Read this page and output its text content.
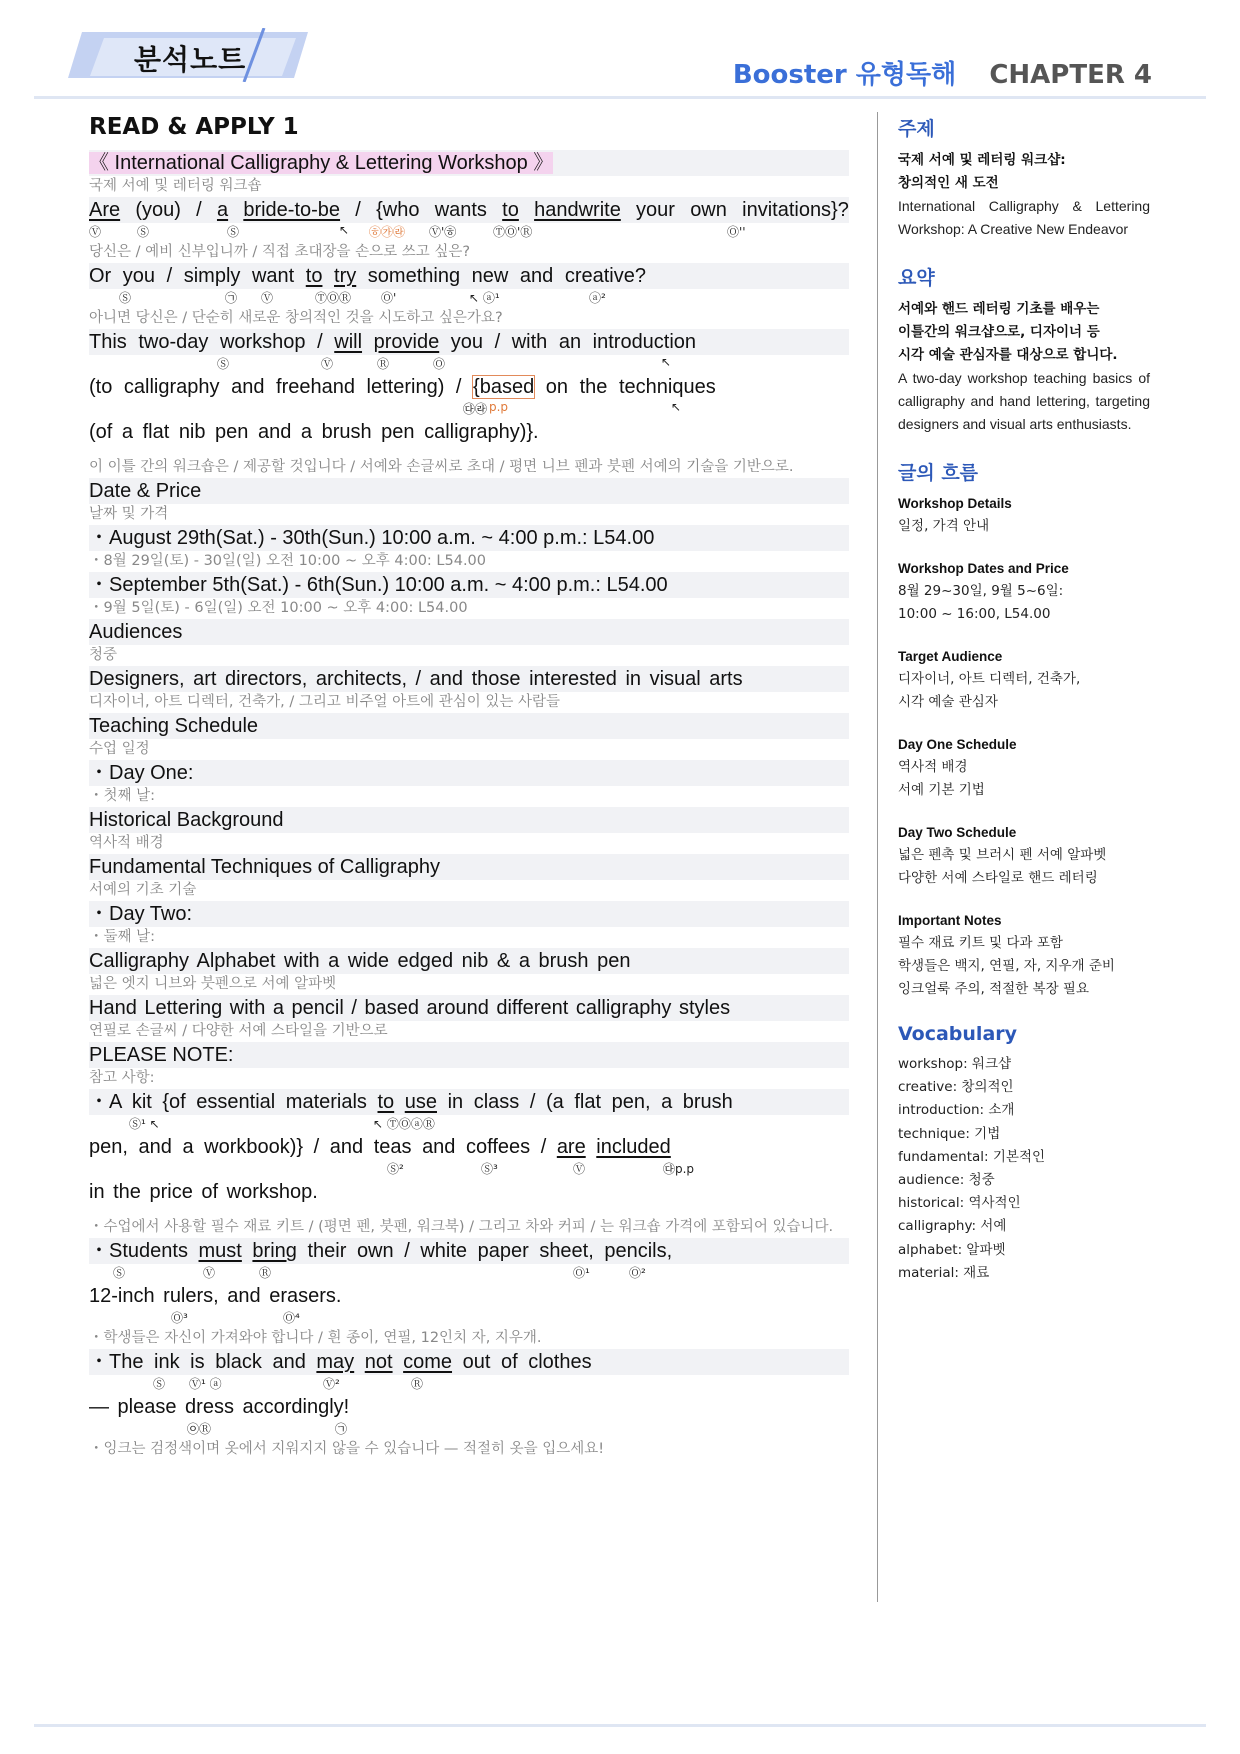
분석노트	Booster 유형독해 CHAPTER 4
READ & APPLY 1
《 International Calligraphy & Lettering Workshop 》
국제 서예 및 레터링 워크숍
Are (you) / a bride-to-be / {who wants to handwrite your own invitations}?
Ⓥ	Ⓢ	Ⓢ	↖ ㉭㉮㉱ Ⓥ'㉭	ⓉⓄ'Ⓡ	Ⓞ''
당신은 / 예비 신부입니까 / 직접 초대장을 손으로 쓰고 싶은?
Or you / simply want to try something new and creative?
Ⓢ	㉠ Ⓥ	ⓉⓄⓇ Ⓞ'	↖ ⓐ¹	ⓐ²
아니면 당신은 / 단순히 새로운 창의적인 것을 시도하고 싶은가요?
This two-day workshop / will provide you / with an introduction
Ⓢ	Ⓥ	Ⓡ	Ⓞ	↖
(to calligraphy and freehand lettering) / {based on the techniques
㉰㉱ p.p	↖
(of a flat nib pen and a brush pen calligraphy)}.
이 이틀 간의 워크숍은 / 제공할 것입니다 / 서예와 손글씨로 초대 / 평면 니브 펜과 붓펜 서예의 기술을 기반으로.
Date & Price
날짜 및 가격
・August 29th(Sat.) - 30th(Sun.) 10:00 a.m. ~ 4:00 p.m.: L54.00
・8월 29일(토) - 30일(일) 오전 10:00 ~ 오후 4:00: L54.00
・September 5th(Sat.) - 6th(Sun.) 10:00 a.m. ~ 4:00 p.m.: L54.00
・9월 5일(토) - 6일(일) 오전 10:00 ~ 오후 4:00: L54.00
Audiences
청중
Designers, art directors, architects, / and those interested in visual arts
디자이너, 아트 디렉터, 건축가, / 그리고 비주얼 아트에 관심이 있는 사람들
Teaching Schedule
수업 일정
・Day One:
・첫째 날:
Historical Background
역사적 배경
Fundamental Techniques of Calligraphy
서예의 기초 기술
・Day Two:
・둘째 날:
Calligraphy Alphabet with a wide edged nib & a brush pen
넓은 엣지 니브와 붓펜으로 서예 알파벳
Hand Lettering with a pencil / based around different calligraphy styles
연필로 손글씨 / 다양한 서예 스타일을 기반으로
PLEASE NOTE:
참고 사항:
・A kit {of essential materials to use in class / (a flat pen, a brush
Ⓢ¹ ↖	↖ ⓉⓄⓐⓇ
pen, and a workbook)} / and teas and coffees / are included
Ⓢ²	Ⓢ³	Ⓥ	㉰p.p
in the price of workshop.
・수업에서 사용할 필수 재료 키트 / (평면 펜, 붓펜, 워크북) / 그리고 차와 커피 / 는 워크숍 가격에 포함되어 있습니다.
・Students must bring their own / white paper sheet, pencils,
Ⓢ	Ⓥ	Ⓡ	Ⓞ¹	Ⓞ²
12-inch rulers, and erasers.
Ⓞ³	Ⓞ⁴
・학생들은 자신이 가져와야 합니다 / 흰 종이, 연필, 12인치 자, 지우개.
・The ink is black and may not come out of clothes
Ⓢ Ⓥ¹ ⓐ	Ⓥ²	Ⓡ
— please dress accordingly!
㉧Ⓡ	㉠
・잉크는 검정색이며 옷에서 지워지지 않을 수 있습니다 — 적절히 옷을 입으세요!
주제
국제 서예 및 레터링 워크샵:
창의적인 새 도전
International Calligraphy & Lettering Workshop: A Creative New Endeavor
요약
서예와 핸드 레터링 기초를 배우는
이틀간의 워크샵으로, 디자이너 등
시각 예술 관심자를 대상으로 합니다.
A two-day workshop teaching basics of calligraphy and hand lettering, targeting designers and visual arts enthusiasts.
글의 흐름
Workshop Details
일정, 가격 안내
Workshop Dates and Price
8월 29~30일, 9월 5~6일:
10:00 ~ 16:00, L54.00
Target Audience
디자이너, 아트 디렉터, 건축가,
시각 예술 관심자
Day One Schedule
역사적 배경
서예 기본 기법
Day Two Schedule
넓은 펜촉 및 브러시 펜 서예 알파벳
다양한 서예 스타일로 핸드 레터링
Important Notes
필수 재료 키트 및 다과 포함
학생들은 백지, 연필, 자, 지우개 준비
잉크얼룩 주의, 적절한 복장 필요
Vocabulary
workshop: 워크샵
creative: 창의적인
introduction: 소개
technique: 기법
fundamental: 기본적인
audience: 청중
historical: 역사적인
calligraphy: 서예
alphabet: 알파벳
material: 재료
